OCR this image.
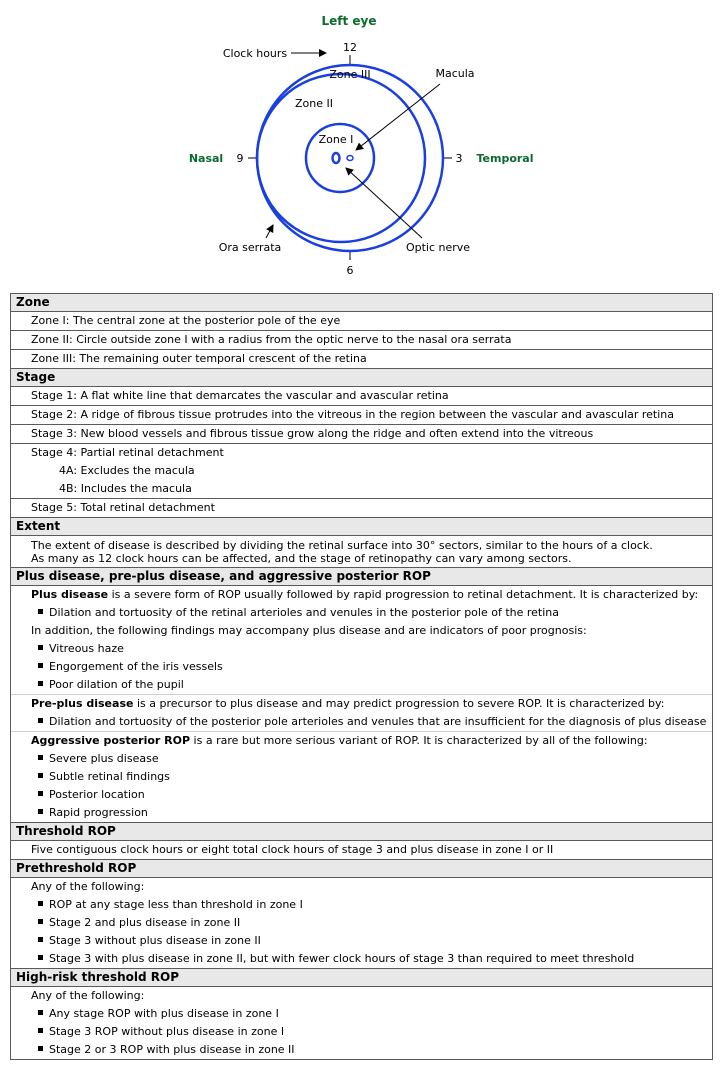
Left eye
12
6
9	3
Nasal	Temporal
Zone III
Zone II
Zone I
Clock hours
Macula
Optic nerve
Ora serrata
Zone

Zone I: The central zone at the posterior pole of the eye

Zone II: Circle outside zone I with a radius from the optic nerve to the nasal ora serrata

Zone III: The remaining outer temporal crescent of the retina

Stage

Stage 1: A flat white line that demarcates the vascular and avascular retina

Stage 2: A ridge of fibrous tissue protrudes into the vitreous in the region between the vascular and avascular retina

Stage 3: New blood vessels and fibrous tissue grow along the ridge and often extend into the vitreous

Stage 4: Partial retinal detachment
4A: Excludes the macula
4B: Includes the macula

Stage 5: Total retinal detachment

Extent

The extent of disease is described by dividing the retinal surface into 30° sectors, similar to the hours of a clock.
As many as 12 clock hours can be affected, and the stage of retinopathy can vary among sectors.

Plus disease, pre-plus disease, and aggressive posterior ROP

Plus disease is a severe form of ROP usually followed by rapid progression to retinal detachment. It is characterized by:
Dilation and tortuosity of the retinal arterioles and venules in the posterior pole of the retina
In addition, the following findings may accompany plus disease and are indicators of poor prognosis:
Vitreous haze
Engorgement of the iris vessels
Poor dilation of the pupil
Pre-plus disease is a precursor to plus disease and may predict progression to severe ROP. It is characterized by:
Dilation and tortuosity of the posterior pole arterioles and venules that are insufficient for the diagnosis of plus disease
Aggressive posterior ROP is a rare but more serious variant of ROP. It is characterized by all of the following:
Severe plus disease
Subtle retinal findings
Posterior location
Rapid progression

Threshold ROP

Five contiguous clock hours or eight total clock hours of stage 3 and plus disease in zone I or II

Prethreshold ROP

Any of the following:
ROP at any stage less than threshold in zone I
Stage 2 and plus disease in zone II
Stage 3 without plus disease in zone II
Stage 3 with plus disease in zone II, but with fewer clock hours of stage 3 than required to meet threshold

High-risk threshold ROP

Any of the following:
Any stage ROP with plus disease in zone I
Stage 3 ROP without plus disease in zone I
Stage 2 or 3 ROP with plus disease in zone II
